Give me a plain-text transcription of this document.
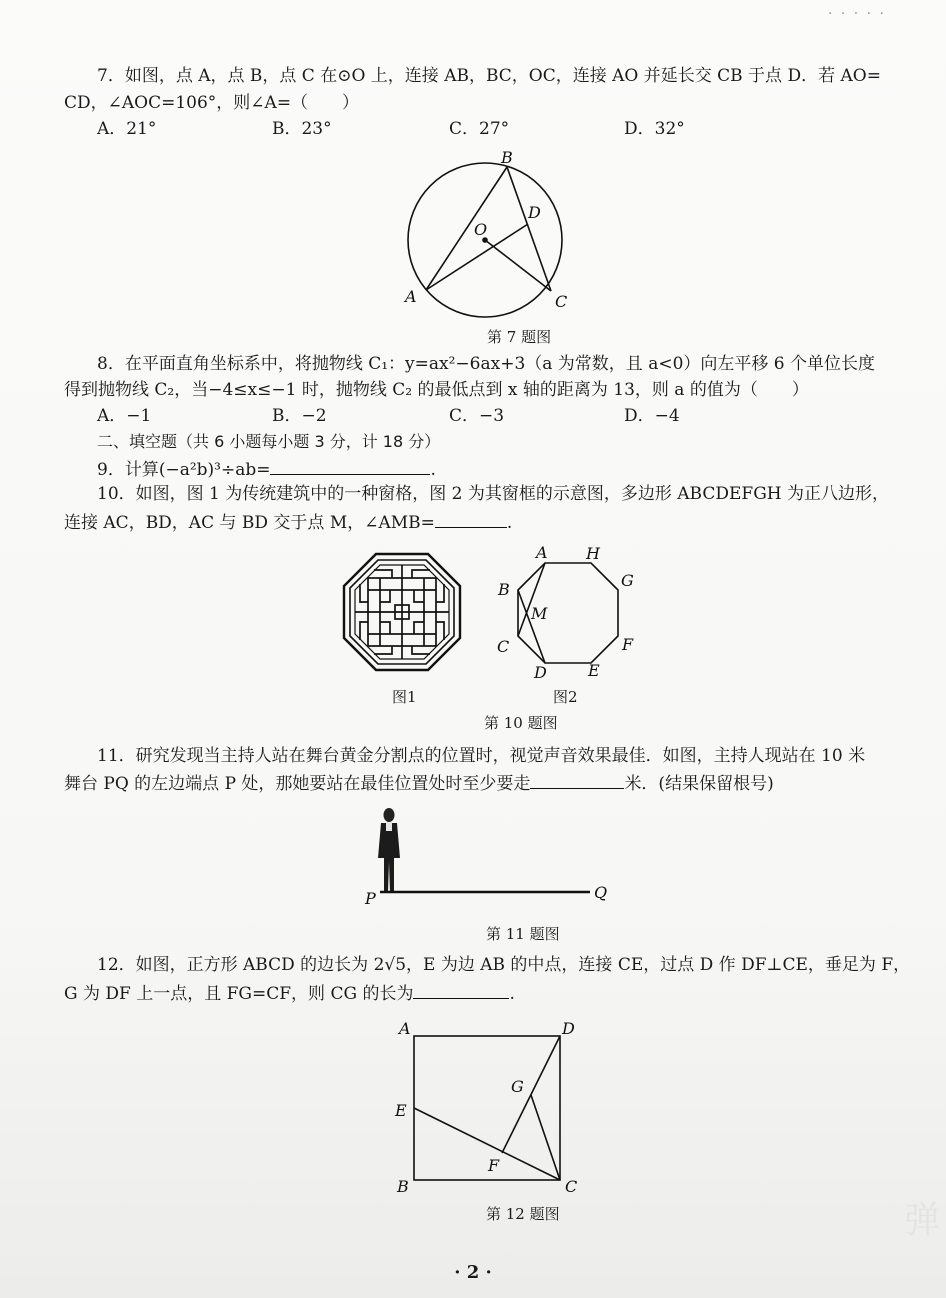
· · · · ·
7．如图，点 A，点 B，点 C 在⊙O 上，连接 AB，BC，OC，连接 AO 并延长交 CB 于点 D．若 AO=
CD，∠AOC=106°，则∠A=（　　）
A．21°	B．23°	C．27°	D．32°
B
D
O
A	C
第 7 题图
8．在平面直角坐标系中，将抛物线 C₁：y=ax²−6ax+3（a 为常数，且 a<0）向左平移 6 个单位长度
得到抛物线 C₂，当−4≤x≤−1 时，抛物线 C₂ 的最低点到 x 轴的距离为 13，则 a 的值为（　　）
A．−1	B．−2	C．−3	D．−4
二、填空题（共 6 小题每小题 3 分，计 18 分）
9．计算(−a²b)³÷ab=	.
10．如图，图 1 为传统建筑中的一种窗格，图 2 为其窗框的示意图，多边形 ABCDEFGH 为正八边形，
连接 AC，BD，AC 与 BD 交于点 M，∠AMB=	.
图1
A H
G
B
M
F
C
D	E
图2
第 10 题图
11．研究发现当主持人站在舞台黄金分割点的位置时，视觉声音效果最佳．如图，主持人现站在 10 米
舞台 PQ 的左边端点 P 处，那她要站在最佳位置处时至少要走	米．(结果保留根号)
P	Q
第 11 题图
12．如图，正方形 ABCD 的边长为 2√5，E 为边 AB 的中点，连接 CE，过点 D 作 DF⊥CE，垂足为 F，
G 为 DF 上一点，且 FG=CF，则 CG 的长为	.
A	D
G
E
F
B	C
第 12 题图
· 2 ·
弹
